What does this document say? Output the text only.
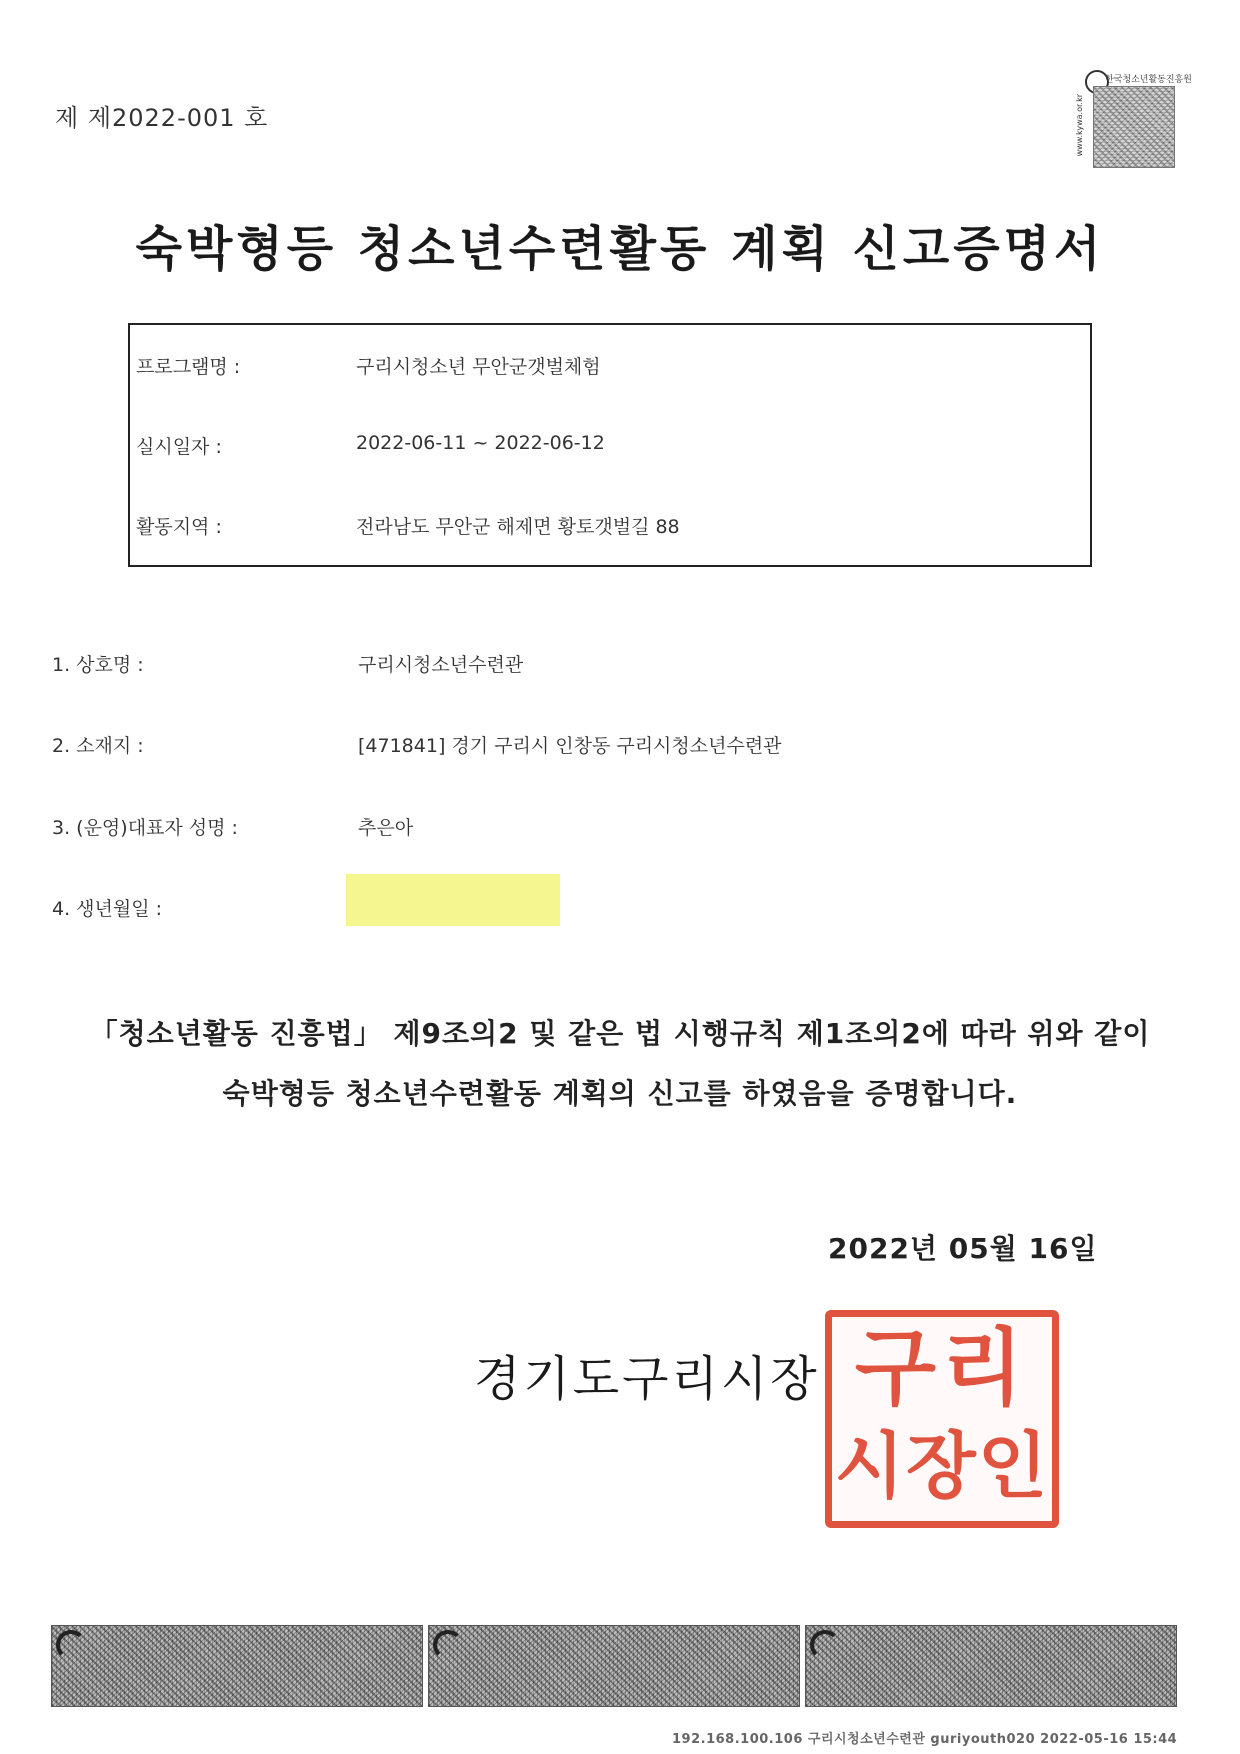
제 제2022-001 호
한국청소년활동진흥원
www.kywa.or.kr
숙박형등 청소년수련활동 계획 신고증명서
프로그램명 :	구리시청소년 무안군갯벌체험
실시일자 :	2022-06-11 ~ 2022-06-12
활동지역 :	전라남도 무안군 해제면 황토갯벌길 88
1. 상호명 :	구리시청소년수련관
2. 소재지 :	[471841] 경기 구리시 인창동 구리시청소년수련관
3. (운영)대표자 성명 :	추은아
4. 생년월일 :
「청소년활동 진흥법」 제9조의2 및 같은 법 시행규칙 제1조의2에 따라 위와 같이
숙박형등 청소년수련활동 계획의 신고를 하였음을 증명합니다.
2022년 05월 16일
경기도구리시장 구리
시장인
192.168.100.106 구리시청소년수련관 guriyouth020 2022-05-16 15:44
